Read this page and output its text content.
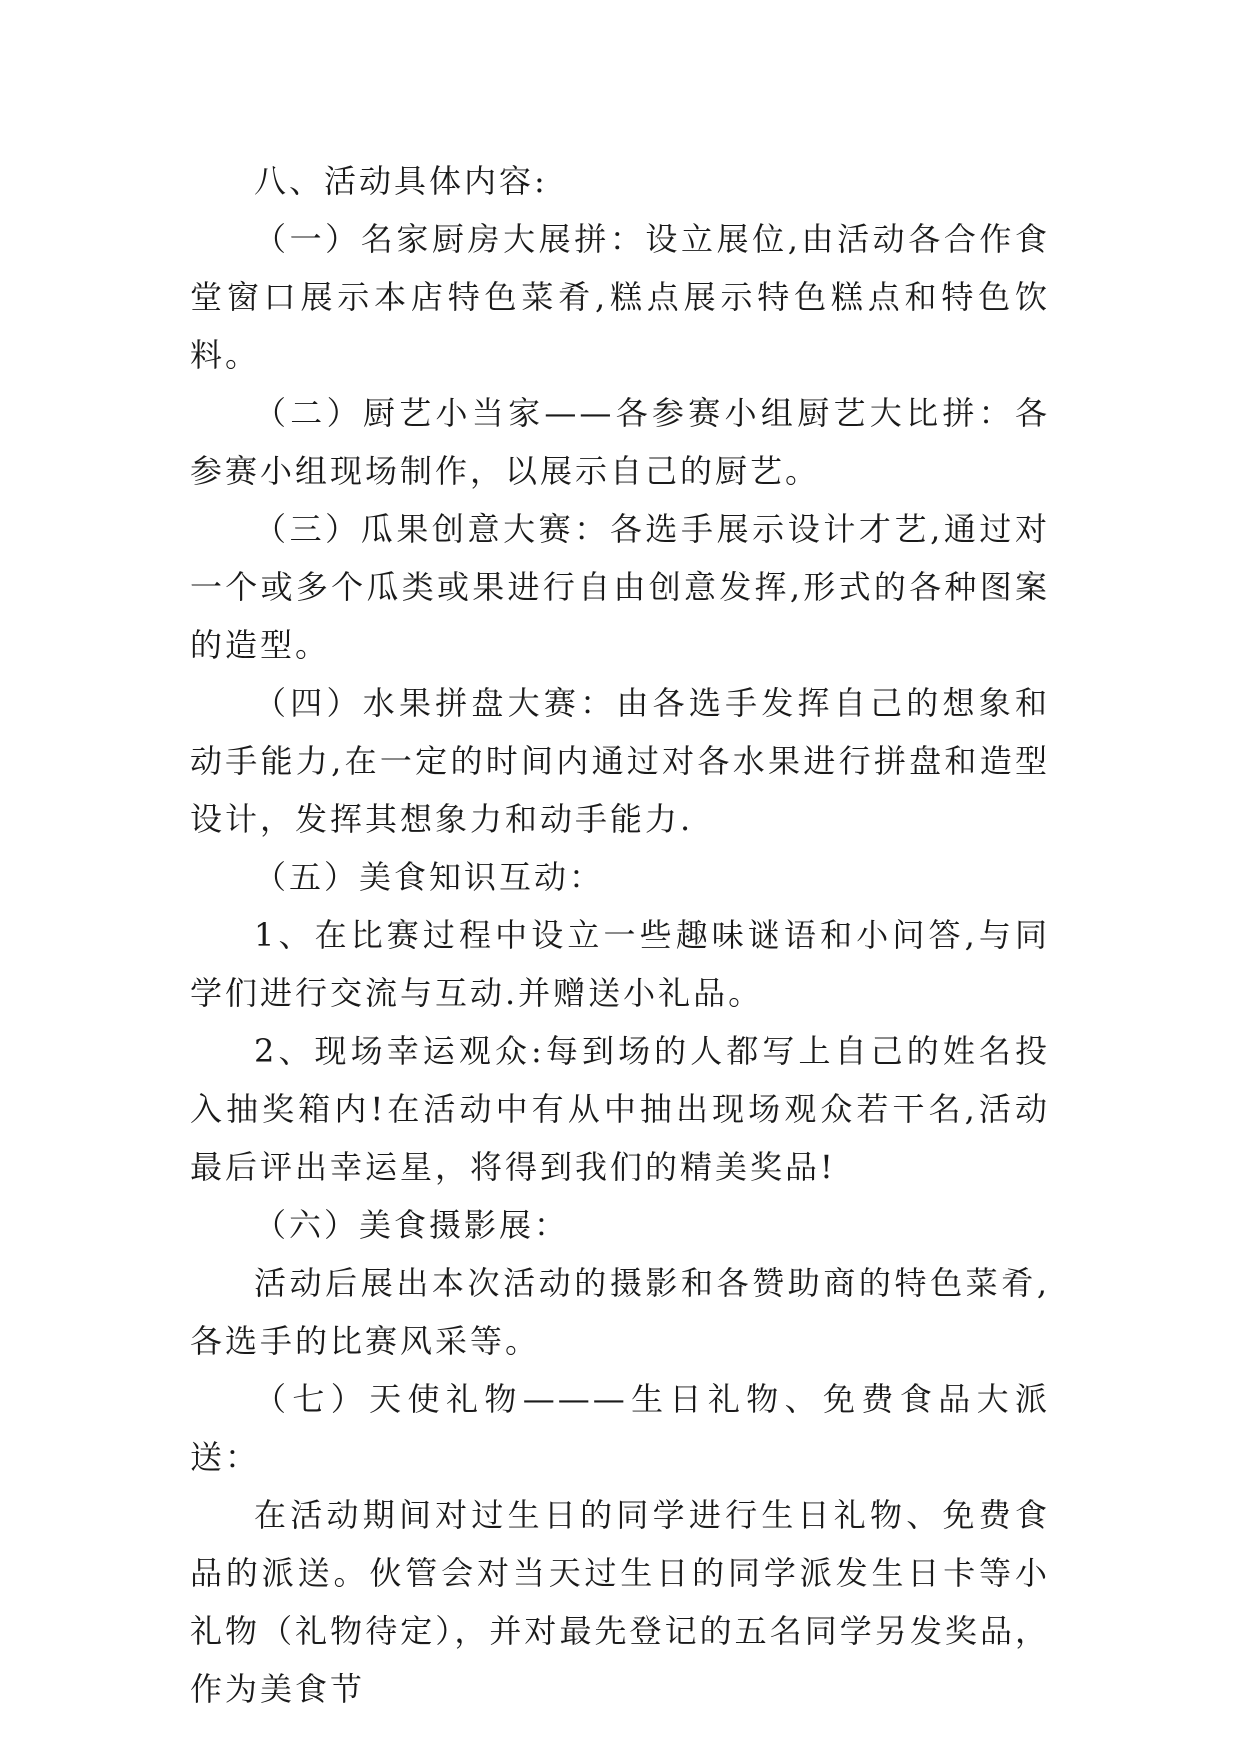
八、活动具体内容:

（一）名家厨房大展拼：设立展位,由活动各合作食堂窗口展示本店特色菜肴,糕点展示特色糕点和特色饮料。

（二）厨艺小当家——各参赛小组厨艺大比拼：各参赛小组现场制作，以展示自己的厨艺。

（三）瓜果创意大赛：各选手展示设计才艺,通过对一个或多个瓜类或果进行自由创意发挥,形式的各种图案的造型。

（四）水果拼盘大赛：由各选手发挥自己的想象和动手能力,在一定的时间内通过对各水果进行拼盘和造型设计，发挥其想象力和动手能力.

（五）美食知识互动：

1、在比赛过程中设立一些趣味谜语和小问答,与同学们进行交流与互动.并赠送小礼品。

2、现场幸运观众:每到场的人都写上自己的姓名投入抽奖箱内!在活动中有从中抽出现场观众若干名,活动最后评出幸运星，将得到我们的精美奖品!

（六）美食摄影展：

活动后展出本次活动的摄影和各赞助商的特色菜肴,各选手的比赛风采等。

（七）天使礼物———生日礼物、免费食品大派送：

在活动期间对过生日的同学进行生日礼物、免费食品的派送。伙管会对当天过生日的同学派发生日卡等小礼物（礼物待定），并对最先登记的五名同学另发奖品，作为美食节
